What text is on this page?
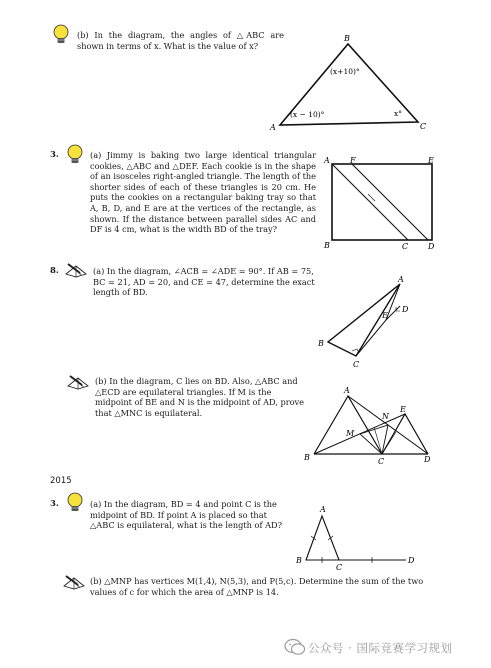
(b) In the diagram, the angles of △ABC are shown in terms of x. What is the value of x?
A
B
C
(x+10)°
(x − 10)°	x°
3.	(a) Jimmy is baking two large identical triangular cookies, △ABC and △DEF. Each cookie is in the shape of an isosceles right-angled triangle. The length of the shorter sides of each of these triangles is 20 cm. He puts the cookies on a rectangular baking tray so that A, B, D, and E are at the vertices of the rectangle, as shown. If the distance between parallel sides AC and DF is 4 cm, what is the width BD of the tray?
A	F	E
B	C D
8.	(a) In the diagram, ∠ACB = ∠ADE = 90°. If AB = 75, BC = 21, AD = 20, and CE = 47, determine the exact length of BD.
A
B
C
D
E
(b) In the diagram, C lies on BD. Also, △ABC and △ECD are equilateral triangles. If M is the midpoint of BE and N is the midpoint of AD, prove that △MNC is equilateral.
A
B	C	D
E
M
N
2015
3.	(a) In the diagram, BD = 4 and point C is the midpoint of BD. If point A is placed so that △ABC is equilateral, what is the length of AD?
A
B
C
D
(b) △MNP has vertices M(1,4), N(5,3), and P(5,c). Determine the sum of the two values of c for which the area of △MNP is 14.
公众号 · 国际竞赛学习规划
